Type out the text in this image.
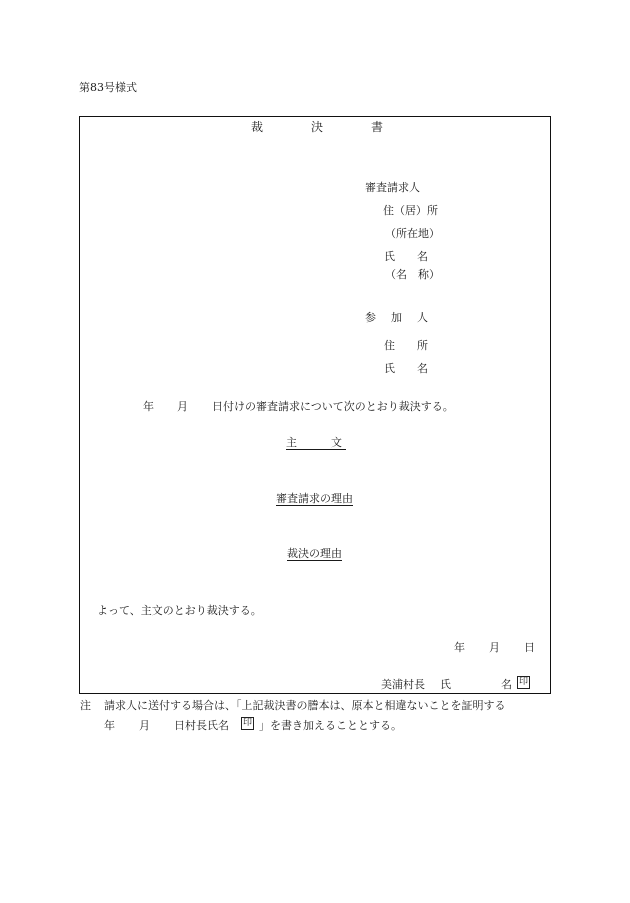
第83号様式
裁　決　書
審査請求人
住（居）所
（所在地）
氏　　名
（名　称）
参　加　人
住　　所
氏　　名
年 月 日付けの審査請求について次のとおり裁決する。
主　　文
審査請求の理由
裁決の理由
よって、主文のとおり裁決する。
年 月 日
美浦村長 氏	名 印
注 請求人に送付する場合は、「上記裁決書の謄本は、原本と相違ないことを証明する
年 月 日村長氏名 印 」を書き加えることとする。
